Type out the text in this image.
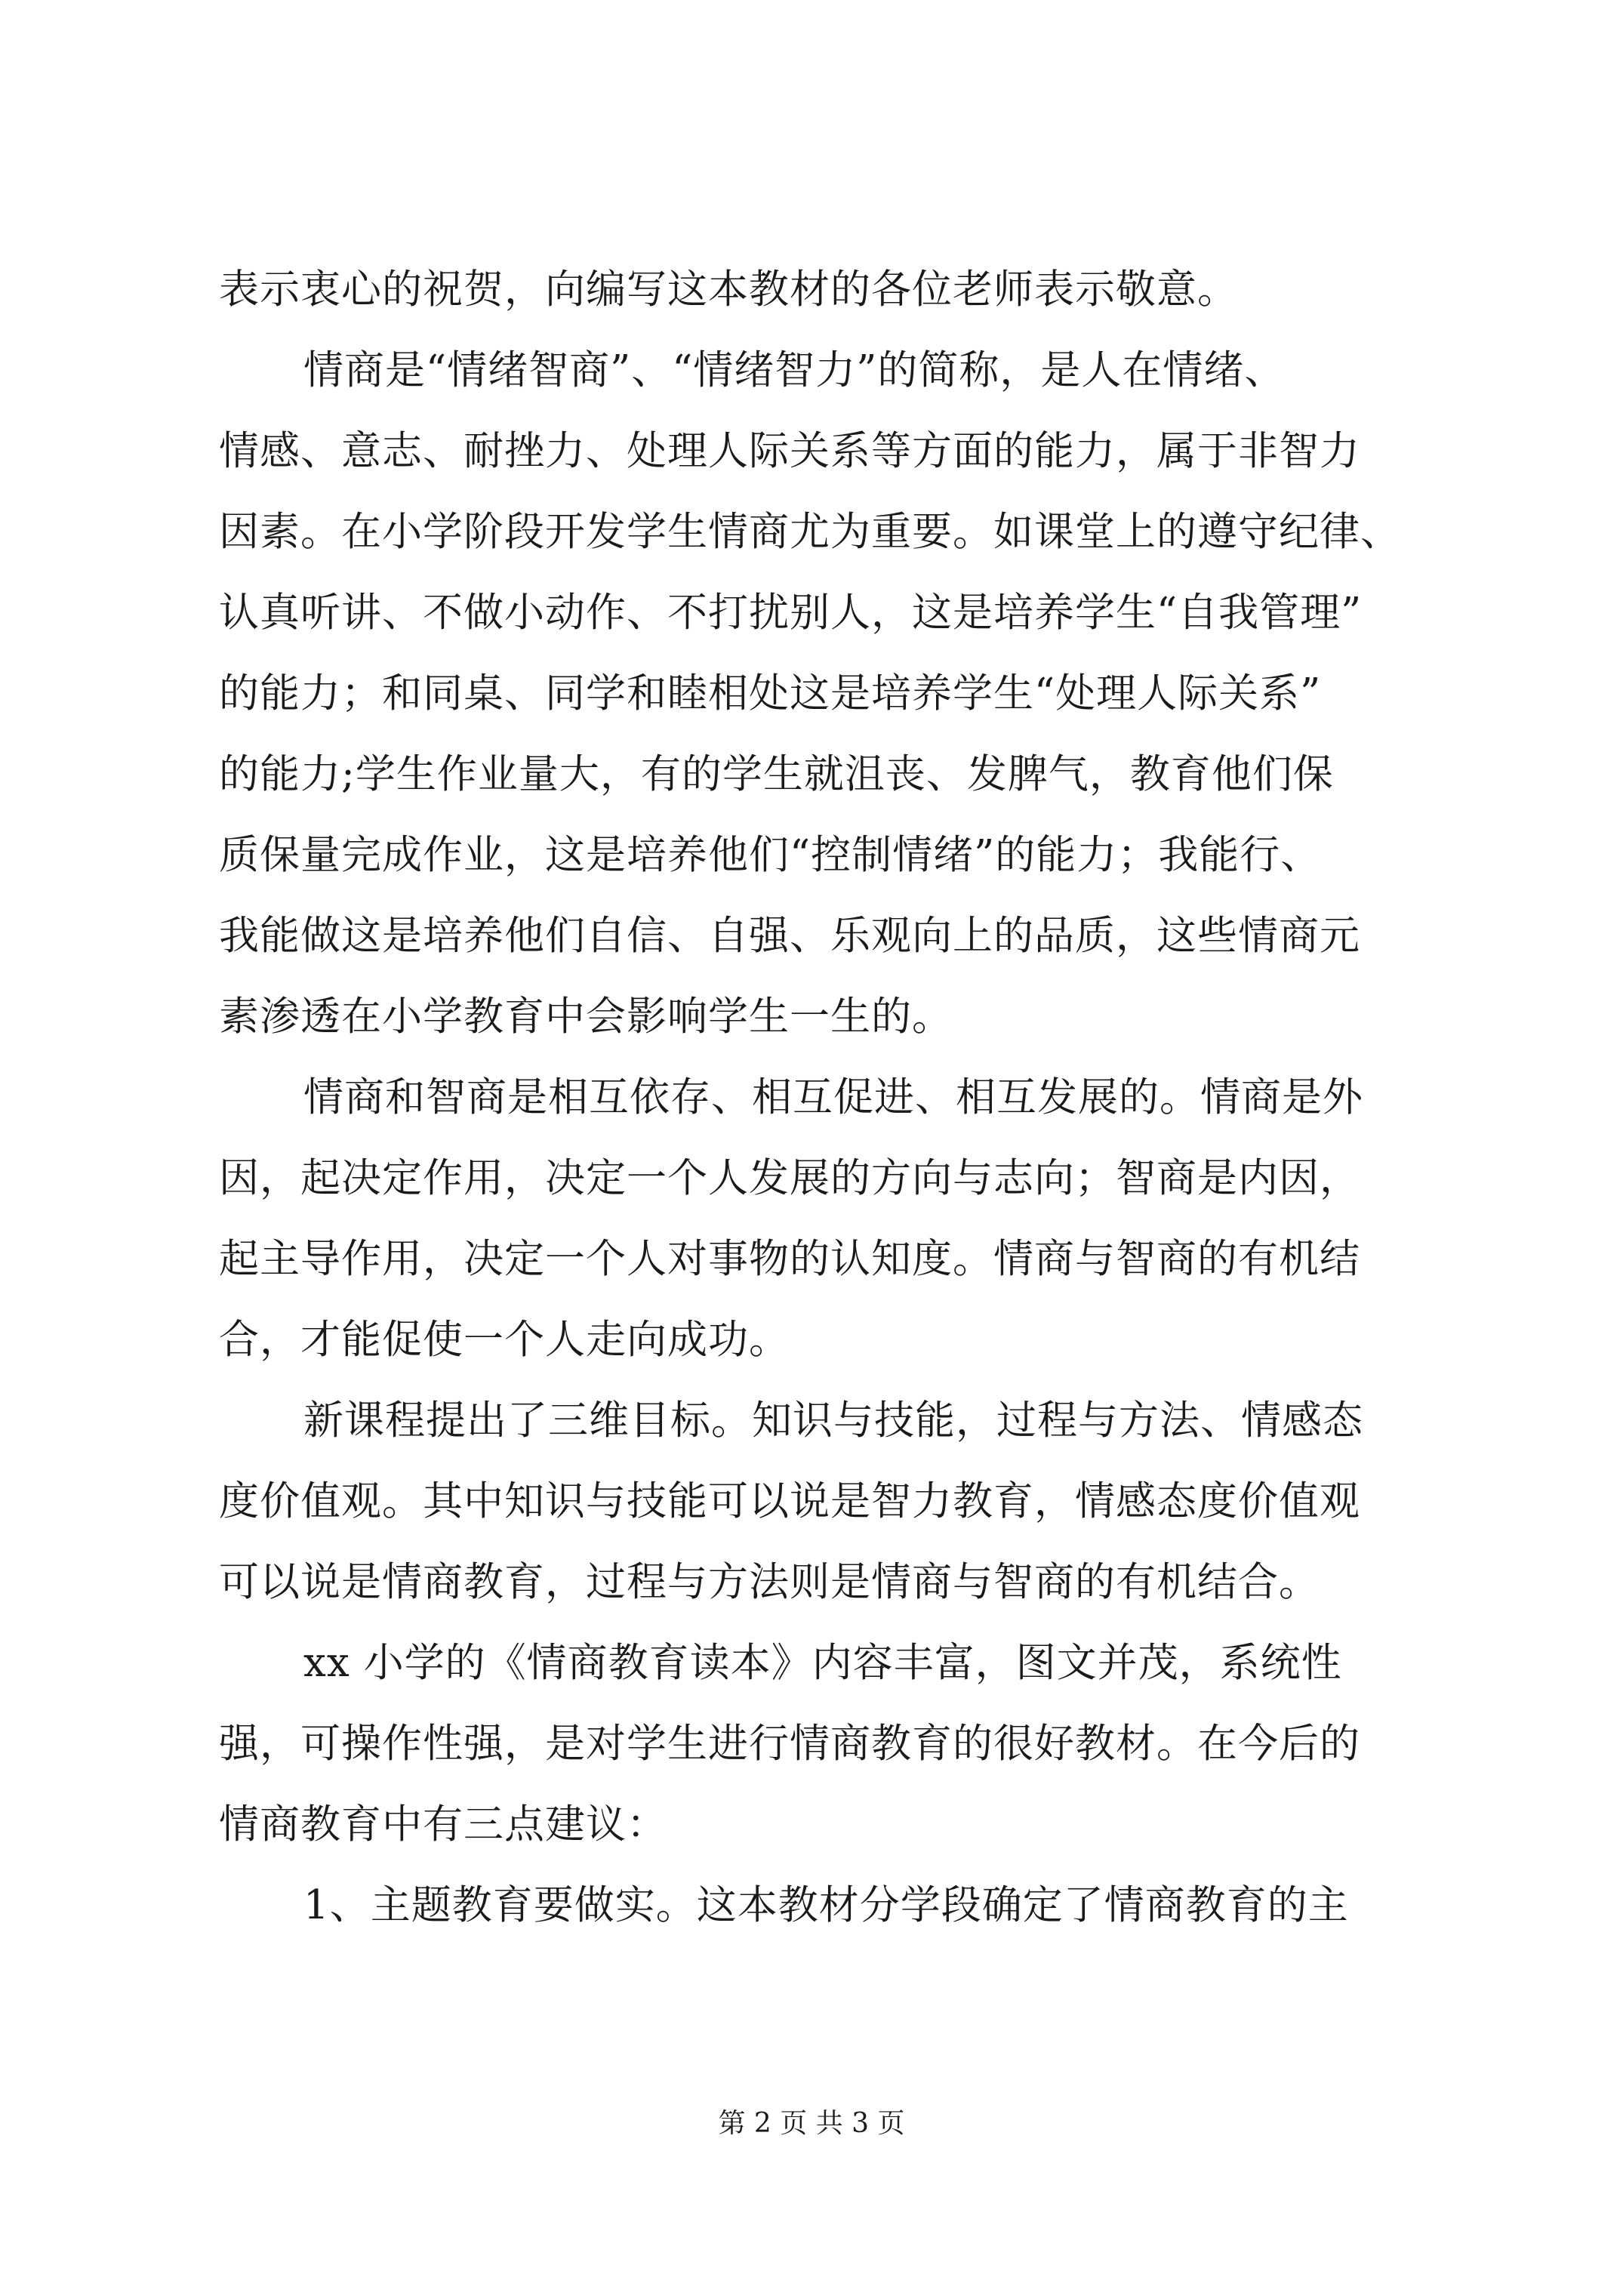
表示衷心的祝贺，向编写这本教材的各位老师表示敬意。
情商是“情绪智商”、“情绪智力”的简称，是人在情绪、
情感、意志、耐挫力、处理人际关系等方面的能力，属于非智力
因素。在小学阶段开发学生情商尤为重要。如课堂上的遵守纪律、
认真听讲、不做小动作、不打扰别人，这是培养学生“自我管理”
的能力；和同桌、同学和睦相处这是培养学生“处理人际关系”
的能力;学生作业量大，有的学生就沮丧、发脾气，教育他们保
质保量完成作业，这是培养他们“控制情绪”的能力；我能行、
我能做这是培养他们自信、自强、乐观向上的品质，这些情商元
素渗透在小学教育中会影响学生一生的。
情商和智商是相互依存、相互促进、相互发展的。情商是外
因，起决定作用，决定一个人发展的方向与志向；智商是内因，
起主导作用，决定一个人对事物的认知度。情商与智商的有机结
合，才能促使一个人走向成功。
新课程提出了三维目标。知识与技能，过程与方法、情感态
度价值观。其中知识与技能可以说是智力教育，情感态度价值观
可以说是情商教育，过程与方法则是情商与智商的有机结合。
xx 小学的《情商教育读本》内容丰富，图文并茂，系统性
强，可操作性强，是对学生进行情商教育的很好教材。在今后的
情商教育中有三点建议：
1、主题教育要做实。这本教材分学段确定了情商教育的主
第 2 页 共 3 页
